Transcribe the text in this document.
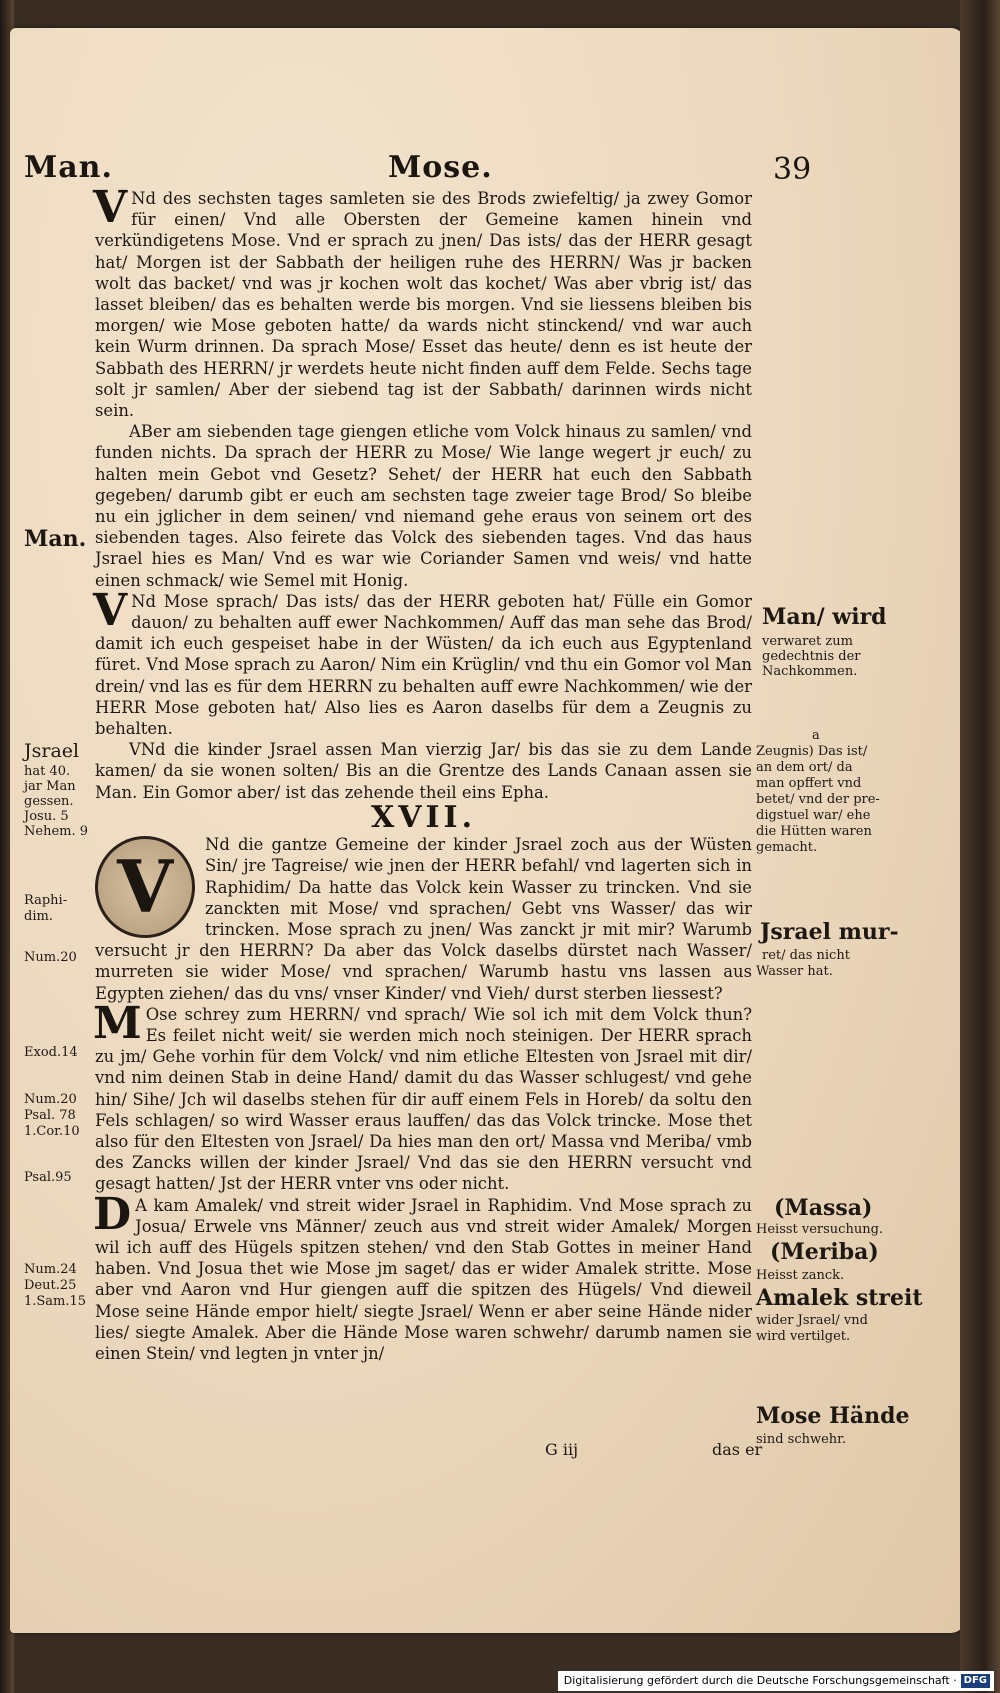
Man.	Mose.	39

V Nd des sechsten tages samleten sie des Brods zwiefeltig/ ja zwey Gomor für einen/ Vnd alle Obersten der Gemeine kamen hinein vnd verkündigetens Mose. Vnd er sprach zu jnen/ Das ists/ das der HERR gesagt hat/ Morgen ist der Sabbath der heiligen ruhe des HERRN/ Was jr backen wolt das backet/ vnd was jr kochen wolt das kochet/ Was aber vbrig ist/ das lasset bleiben/ das es behalten werde bis morgen. Vnd sie liessens bleiben bis morgen/ wie Mose geboten hatte/ da wards nicht stinckend/ vnd war auch kein Wurm drinnen. Da sprach Mose/ Esset das heute/ denn es ist heute der Sabbath des HERRN/ jr werdets heute nicht finden auff dem Felde. Sechs tage solt jr samlen/ Aber der siebend tag ist der Sabbath/ darinnen wirds nicht sein.

ABer am siebenden tage giengen etliche vom Volck hinaus zu samlen/ vnd funden nichts. Da sprach der HERR zu Mose/ Wie lange wegert jr euch/ zu halten mein Gebot vnd Gesetz? Sehet/ der HERR hat euch den Sabbath gegeben/ darumb gibt er euch am sechsten tage zweier tage Brod/ So bleibe nu ein jglicher in dem seinen/ vnd niemand gehe eraus von seinem ort des siebenden tages. Also feirete das Volck des siebenden tages. Vnd das haus Jsrael hies es Man/ Vnd es war wie Coriander Samen vnd weis/ vnd hatte einen schmack/ wie Semel mit Honig.

V Nd Mose sprach/ Das ists/ das der HERR geboten hat/ Fülle ein Gomor dauon/ zu behalten auff ewer Nachkommen/ Auff das man sehe das Brod/ damit ich euch gespeiset habe in der Wüsten/ da ich euch aus Egyptenland füret. Vnd Mose sprach zu Aaron/ Nim ein Krüglin/ vnd thu ein Gomor vol Man drein/ vnd las es für dem HERRN zu behalten auff ewre Nachkommen/ wie der HERR Mose geboten hat/ Also lies es Aaron daselbs für dem a Zeugnis zu behalten.

VNd die kinder Jsrael assen Man vierzig Jar/ bis das sie zu dem Lande kamen/ da sie wonen solten/ Bis an die Grentze des Lands Canaan assen sie Man. Ein Gomor aber/ ist das zehende theil eins Epha.

XVII.

V	Nd die gantze Gemeine der kinder Jsrael zoch aus der Wüsten Sin/ jre Tagreise/ wie jnen der HERR befahl/ vnd lagerten sich in Raphidim/ Da hatte das Volck kein Wasser zu trincken. Vnd sie zanckten mit Mose/ vnd sprachen/ Gebt vns Wasser/ das wir trincken. Mose sprach zu jnen/ Was zanckt jr mit mir? Warumb versucht jr den HERRN? Da aber das Volck daselbs dürstet nach Wasser/ murreten sie wider Mose/ vnd sprachen/ Warumb hastu vns lassen aus Egypten ziehen/ das du vns/ vnser Kinder/ vnd Vieh/ durst sterben liessest?

M Ose schrey zum HERRN/ vnd sprach/ Wie sol ich mit dem Volck thun? Es feilet nicht weit/ sie werden mich noch steinigen. Der HERR sprach zu jm/ Gehe vorhin für dem Volck/ vnd nim etliche Eltesten von Jsrael mit dir/ vnd nim deinen Stab in deine Hand/ damit du das Wasser schlugest/ vnd gehe hin/ Sihe/ Jch wil daselbs stehen für dir auff einem Fels in Horeb/ da soltu den Fels schlagen/ so wird Wasser eraus lauffen/ das das Volck trincke. Mose thet also für den Eltesten von Jsrael/ Da hies man den ort/ Massa vnd Meriba/ vmb des Zancks willen der kinder Jsrael/ Vnd das sie den HERRN versucht vnd gesagt hatten/ Jst der HERR vnter vns oder nicht.

D A kam Amalek/ vnd streit wider Jsrael in Raphidim. Vnd Mose sprach zu Josua/ Erwele vns Männer/ zeuch aus vnd streit wider Amalek/ Morgen wil ich auff des Hügels spitzen stehen/ vnd den Stab Gottes in meiner Hand haben. Vnd Josua thet wie Mose jm saget/ das er wider Amalek stritte. Mose aber vnd Aaron vnd Hur giengen auff die spitzen des Hügels/ Vnd dieweil Mose seine Hände empor hielt/ siegte Jsrael/ Wenn er aber seine Hände nider lies/ siegte Amalek. Aber die Hände Mose waren schwehr/ darumb namen sie einen Stein/ vnd legten jn vnter jn/

Man.
Jsrael
hat 40.
jar Man
gessen.
Josu. 5
Nehem. 9
Raphi-
dim.
Num.20
Exod.14
Num.20
Psal. 78
1.Cor.10
Psal.95
Num.24
Deut.25
1.Sam.15
Man/ wird
verwaret zum
gedechtnis der
Nachkommen.
a
Zeugnis) Das ist/
an dem ort/ da
man opffert vnd
betet/ vnd der pre-
digstuel war/ ehe
die Hütten waren
gemacht.
Jsrael mur-
ret/ das nicht
Wasser hat.
(Massa)
Heisst versuchung.
(Meriba)
Heisst zanck.
Amalek streit
wider Jsrael/ vnd
wird vertilget.
Mose Hände
sind schwehr.
G iij	das er
Digitalisierung gefördert durch die Deutsche Forschungsgemeinschaft · DFG
